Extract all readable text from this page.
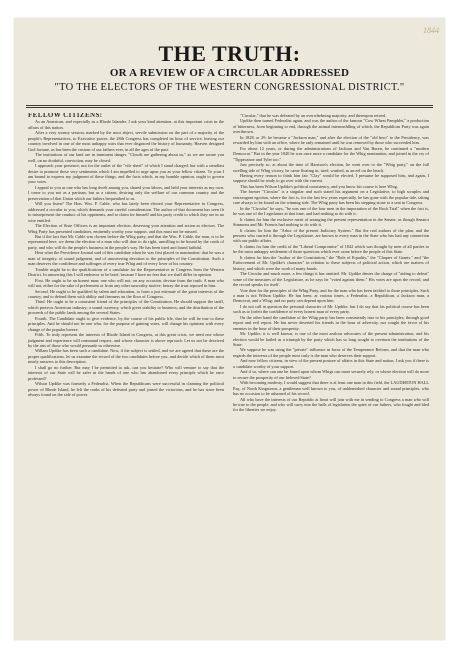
1844
THE TRUTH:
OR A REVIEW OF A CIRCULAR ADDRESSED
"TO THE ELECTORS OF THE WESTERN CONGRESSIONAL DISTRICT."

FELLOW CITIZENS:

As an American, and especially as a Rhode Islander, I ask your kind attention, at this important crisis in the affairs of this nation.

After a very stormy session, marked by the most abject, servile submission on the part of a majority of the people's Representatives, to Executive power, the 28th Congress has completed its hour of service, leaving our country involved in one of the most unhappy wars that ever disgraced the history of humanity. Heaven designed God fortune, as has been the custom of our fathers ever, in all the ages of the past.

The institutions of our land are in imminent danger. "Clouds are gathering about us," as we are aware you well, on no doubtful, conviction, may be closed.

I approach your presence, not for the outlet of the "vile sheet" of which I stand charged, but with a steadfast desire to promote those very sentiments which I am impelled to urge upon you as your fellow citizen. To your I am bound to express my judgment of these things, and the facts which, in my humble opinion, ought to govern your votes.

I appeal to you as one who has long dwelt among you, shared your labors, and held your interests as my own. I come to you not as a partisan, but as a citizen, desiring only the welfare of our common country and the preservation of that Union which our fathers bequeathed to us.

Will you listen? The Hon. Wm. P. Cable, who has lately been elected your Representative in Congress, addressed a circular to you, which demands your careful consideration. The author of that document has seen fit to misrepresent the conduct of his opponents, and to claim for himself and his party credit to which they are in no wise entitled.

The Election of Siste Officers is an important election, deserving your attention and action as electors. The Whig Party has presented candidates, eminently worthy your support, and this must not be missed.

But if the fact that Mr. Cable was chosen before the Whig party, and that the Wm. P. Cable, the man, is to be represented here, we deem the election of a man who will dare to do right, unwilling to be bound by the cords of party, and who will do the people's business in the people's way. He has been tried and found faithful.

Hear what the Providence Journal said of this candidate when he was first placed in nomination: that he was a man of integrity, of sound judgment, and of unwavering devotion to the principles of the Constitution. Such a man deserves the confidence and suffrages of every true Whig and of every lover of his country.

Trouble might be to the qualifications of a candidate for the Representative in Congress from the Western District. In answering this I will endeavor to be brief, because I have no fear that we shall differ in opinion.

First. He ought to be an honest man; one who will not, on any occasion, deviate from the truth. A man who will not, either for the sake of preferment or from any other unworthy motive, betray the trust reposed in him.

Second. He ought to be qualified by talent and education, to form a just estimate of the great interests of the country, and to defend them with ability and firmness on the floor of Congress.

Third. He ought to be a consistent friend of the principles of the Constitution. He should support the tariff, which protects American industry; a sound currency, which gives stability to business; and the distribution of the proceeds of the public lands among the several States.

Fourth. The Candidate ought to give evidence, by the course of his public life, that he will be true to these principles. And he should not be one who, for the purpose of gaining votes, will change his opinions with every change of the popular breeze.

Fifth. To truly represent the interests of Rhode Island in Congress, at this great crisis, we need one whose judgment and experience will command respect, and whose character is above reproach. Let us not be deceived by the arts of those who would persuade us otherwise.

Willam Updike has been such a candidate. Now, if the subject is settled, and we are agreed that these are the proper qualifications, let us examine the record of the two candidates before you, and decide which of them most nearly answers to this description.

I shall go no further. But may I be permitted to ask, can you hesitate? Who will venture to say that the interests of our State will be safer in the hands of one who has abandoned every principle which he once professed?

Wilson Updike was formerly a Federalist. When the Republicans were successful in claiming the political power of Rhode Island, he left the ranks of his defeated party and joined the victorious, and he has since been always found on the side of power.

"Circular," that he was defeated by an overwhelming majority, and thereupon retired.

Updike then turned Federalist again, and was the author of the famous "Cow Wheat Pamphlet," a production of bitterness, from beginning to end, through the animal intermeddling of which, the Republican Party was again overthrown.

In 1828, or 29, he became a "Jackson man," and after the election of the "old hero" to the Presidency, was rewarded by him with an office, where he only remained until he was removed by those who succeeded him.

For about 12 years, or during the administrations of Jackson and Van Buren, he continued a "modern Democrat." But in the year 1840 he was once more a candidate for the Whig nomination, and joined in the cry of "Tippecanoe and Tyler too."

Just precisely so, at about the time of Harrison's election, he went over to the "Whig party," on the full swelling tide of Whig victory, he came floating in, tired, washed, as an eel on the beach.

Having every reason to think him fair "Clay" would be elected, I presume he supposed him, and again, I suppose should be ready to go over with the current.

This has been Wilson Updike's political consistency, and you know his course is here Whig.

The former "Circular" is a singular and such stated his argument on a Legislative, to high scruples and extravagant egotism, where the fact is, for the last few years especially, he has gone with the popular tide, taking care always to be found on the winning side. The Whig party has been his stepping stone to a seat in Congress.

In the "Circular" he says, "he was one of the four men in the importation of the Rock Trial" when the fact is, he was one of the Legislature at that time, and had nothing to do with it.

It claims for him the exclusive merit of arranging the present representation in the Senate, as though Senator Simmons and Mr. Francis had nothing to do with it.

It claims for him the "Arbor of the present Judiciary System." But the real authors of the plan, and the persons who carried it through the Legislature, are known to every man in the State who has had any connection with our public affairs.

It claims for him the credit of the "Liberal Compromise" of 1842 which was thought by men of all parties to be the most unhappy settlement of those questions which ever came before the people of this State.

It claims for him the "author of the Constitution," the "Rule of Equality," the "Chapter of Grants," and "the Enforcement of Mr. Updike's character" in relation to these subjects of political action, which are matters of history, and which were the work of many hands.

The Circular and much more, a few things it has omitted. Mr. Updike denies the charge of "aiding to defeat" some of the measures of the Legislature, as he says he "voted against them." His votes are upon the record, and the record speaks for itself.

Vote then for the principles of the Whig Party, and for the man who has been faithful to those principles. Such a man is not Wilson Updike. He has been, at various times, a Federalist, a Republican, a Jackson man, a Democrat, and a Whig; and no party can depend upon him.

I do not call in question the personal character of Mr. Updike, but I do say that his political course has been such as to forfeit the confidence of every honest man of every party.

On the other hand the candidate of the Whig party has been consistently true to his principles, through good report and evil report. He has never deserted his friends in the hour of adversity, nor sought the favor of his enemies in the hour of their prosperity.

Mr. Updike, it is well known, is one of the most zealous advocates of the present administration, and his election would be hailed as a triumph by the party which has so long sought to overturn the institutions of the State.

We suppose he was using the "private" influence in favor of the Temperance Reform, and that the man who regards the interests of the people most truly is the man who deserves their support.

And now fellow citizens, in view of the present posture of affairs in this State and nation, I ask you if there is a candidate worthy of your support.

And if so, where can one be found upon whom Whigs can more securely rely, or whose election will do more to secure the prosperity of our beloved State?

With becoming modesty, I would suggest that there is at least one man in this field, the LAUDERTON HALL Esq. of North Kingstown, a gentleman well known to you, of unblemished character and sound principles, who has no occasion to be ashamed of his record.

All who have the interests of our Republic at heart will join with me in sending to Congress a man who will be true to the people, and who will carry into the halls of legislation the spirit of our fathers, who fought and bled for the liberties we enjoy.
